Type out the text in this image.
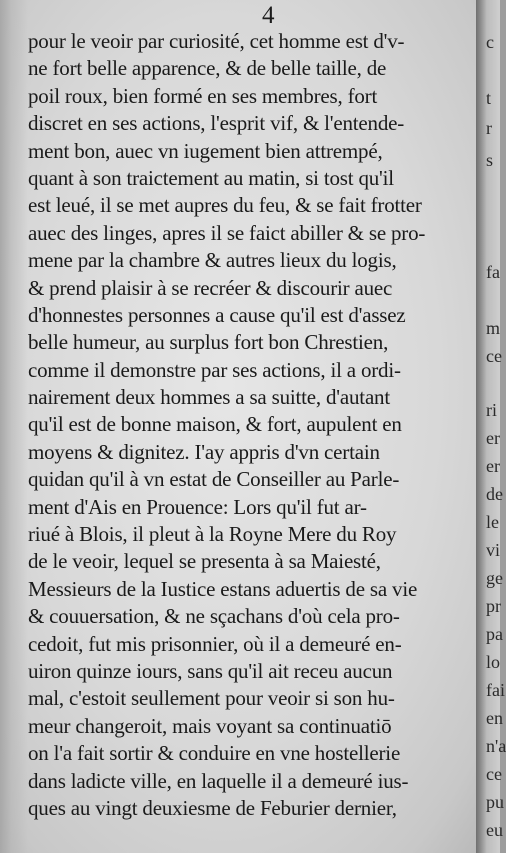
4
pour le veoir par curiosité, cet homme est d'v-
ne fort belle apparence, & de belle taille, de
poil roux, bien formé en ses membres, fort
discret en ses actions, l'esprit vif, & l'entende-
ment bon, auec vn iugement bien attrempé,
quant à son traictement au matin, si tost qu'il
est leué, il se met aupres du feu, & se fait frotter
auec des linges, apres il se faict abiller & se pro-
mene par la chambre & autres lieux du logis,
& prend plaisir à se recréer & discourir auec
d'honnestes personnes a cause qu'il est d'assez
belle humeur, au surplus fort bon Chrestien,
comme il demonstre par ses actions, il a ordi-
nairement deux hommes a sa suitte, d'autant
qu'il est de bonne maison, & fort, aupulent en
moyens & dignitez. I'ay appris d'vn certain
quidan qu'il à vn estat de Conseiller au Parle-
ment d'Ais en Prouence: Lors qu'il fut ar-
riué à Blois, il pleut à la Royne Mere du Roy
de le veoir, lequel se presenta à sa Maiesté,
Messieurs de la Iustice estans aduertis de sa vie
& couuersation, & ne sçachans d'où cela pro-
cedoit, fut mis prisonnier, où il a demeuré en-
uiron quinze iours, sans qu'il ait receu aucun
mal, c'estoit seullement pour veoir si son hu-
meur changeroit, mais voyant sa continuatiō
on l'a fait sortir & conduire en vne hostellerie
dans ladicte ville, en laquelle il a demeuré ius-
ques au vingt deuxiesme de Feburier dernier,
c
t
r
s
fa
m
ce
ri
er
er
de
le
vi
ge
pr
pa
lo
fai
en
n'a
ce
pu
eu
